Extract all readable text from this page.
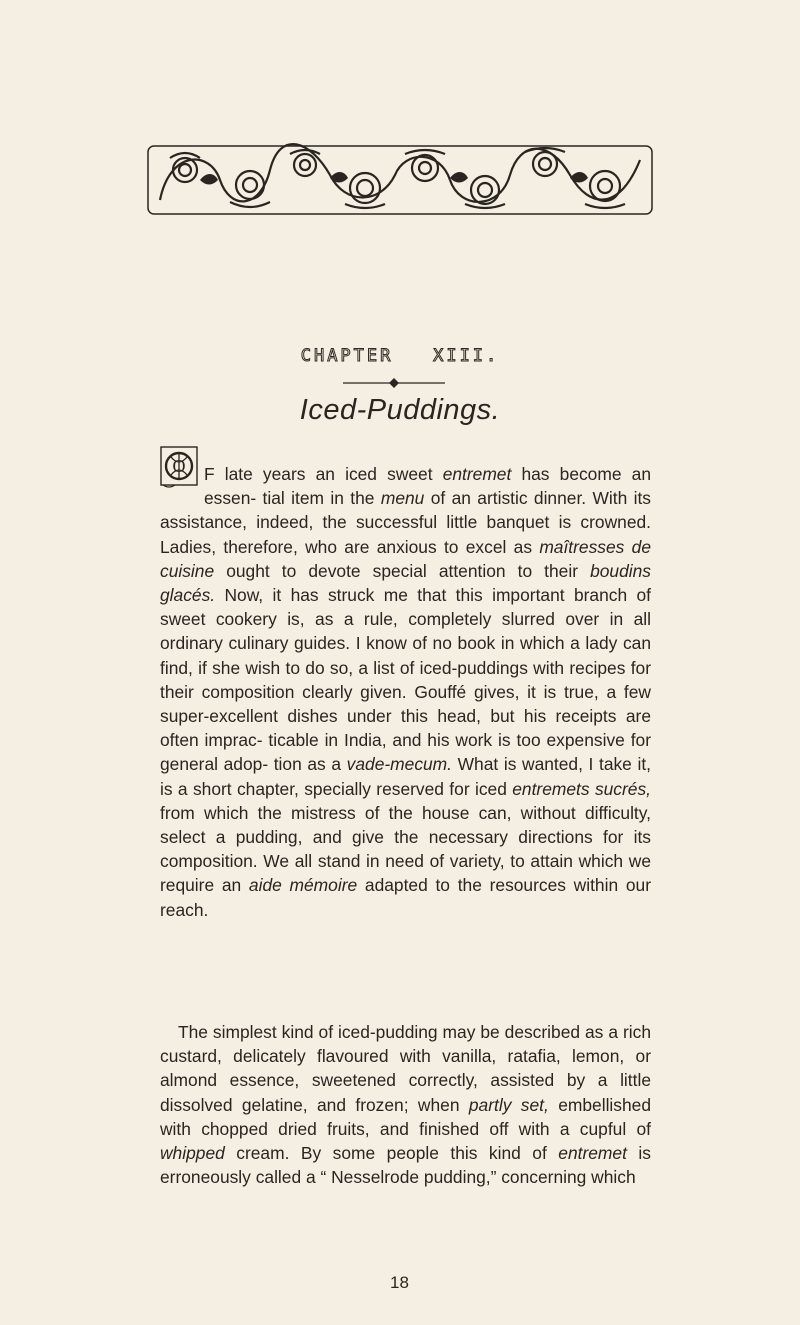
CHAPTER XIII.
Iced-Puddings.
O	F late years an iced sweet entremet has become an essen- tial item in the menu of an artistic dinner. With its assistance, indeed, the successful little banquet is crowned. Ladies, therefore, who are anxious to excel as maîtresses de cuisine ought to devote special attention to their boudins glacés. Now, it has struck me that this important branch of sweet cookery is, as a rule, completely slurred over in all ordinary culinary guides. I know of no book in which a lady can find, if she wish to do so, a list of iced-puddings with recipes for their composition clearly given. Gouffé gives, it is true, a few super-excellent dishes under this head, but his receipts are often imprac- ticable in India, and his work is too expensive for general adop- tion as a vade-mecum. What is wanted, I take it, is a short chapter, specially reserved for iced entremets sucrés, from which the mistress of the house can, without difficulty, select a pudding, and give the necessary directions for its composition. We all stand in need of variety, to attain which we require an aide mémoire adapted to the resources within our reach.

The simplest kind of iced-pudding may be described as a rich custard, delicately flavoured with vanilla, ratafia, lemon, or almond essence, sweetened correctly, assisted by a little dissolved gelatine, and frozen; when partly set, embellished with chopped dried fruits, and finished off with a cupful of whipped cream. By some people this kind of entremet is erroneously called a “ Nesselrode pudding,” concerning which

18
